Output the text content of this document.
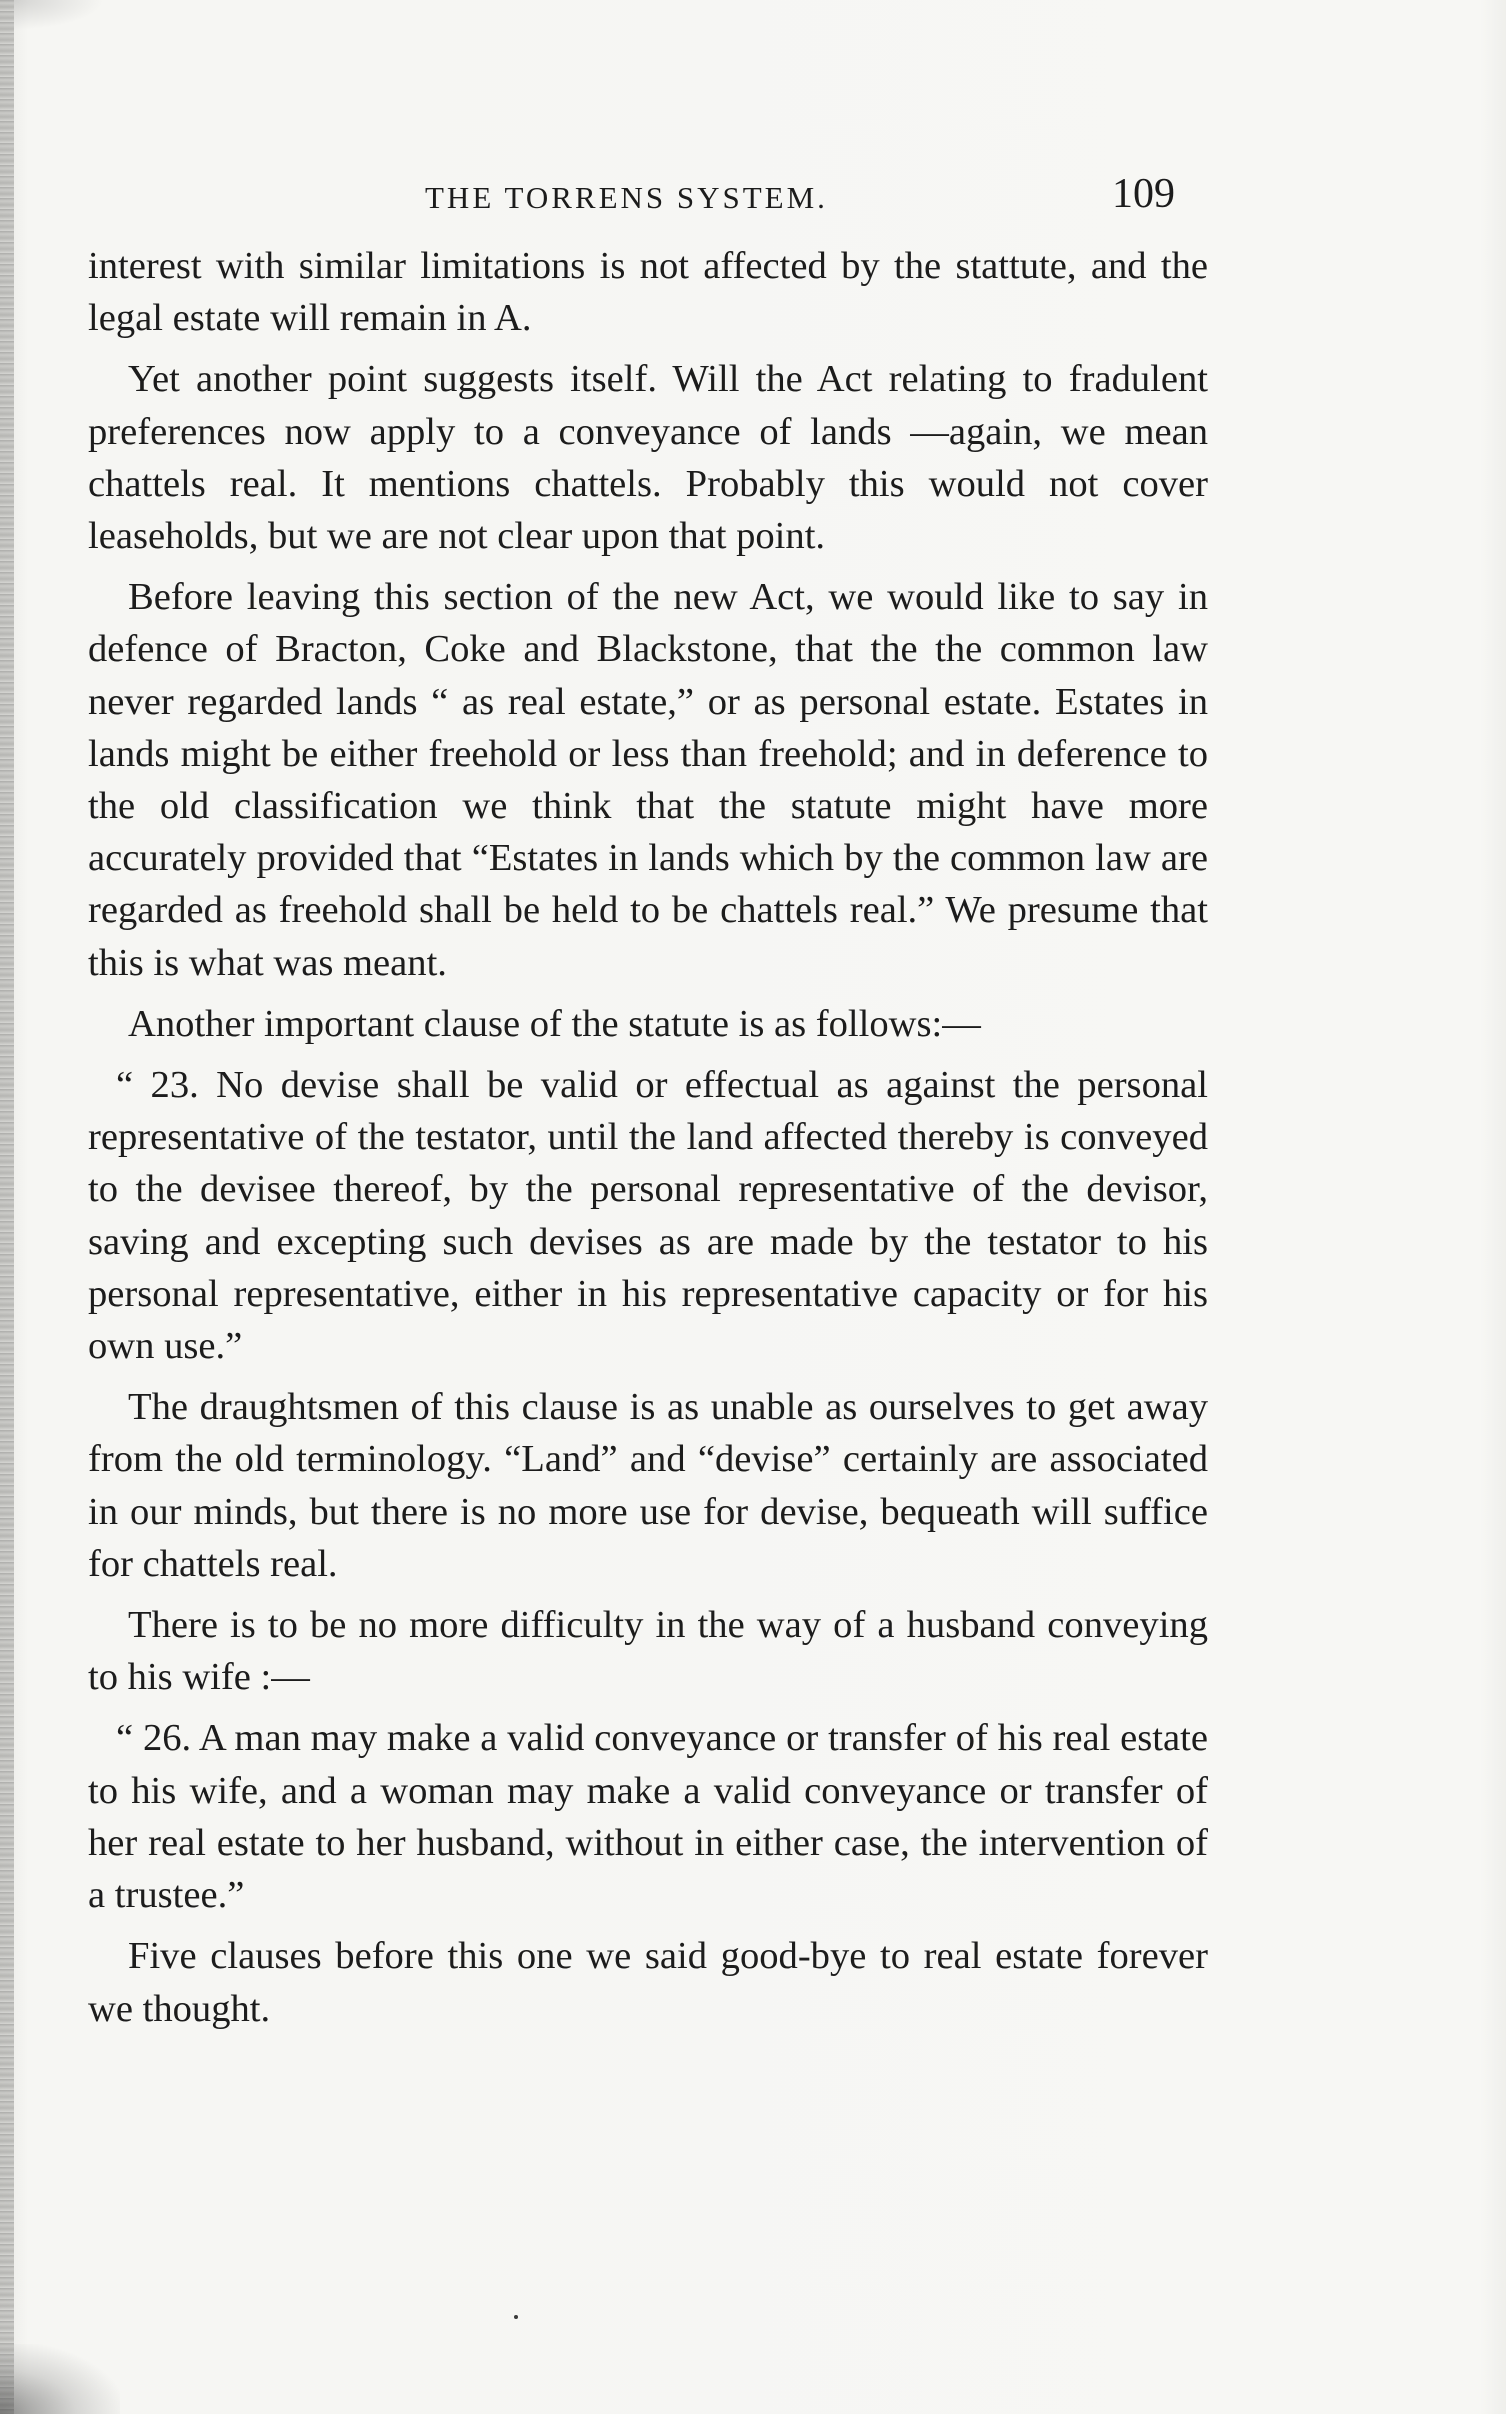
THE TORRENS SYSTEM.	109

interest with similar limitations is not affected by the stattute, and the legal estate will remain in A.

Yet another point suggests itself. Will the Act relating to fradulent preferences now apply to a conveyance of lands —again, we mean chattels real. It mentions chattels. Probably this would not cover leaseholds, but we are not clear upon that point.

Before leaving this section of the new Act, we would like to say in defence of Bracton, Coke and Blackstone, that the the common law never regarded lands “ as real estate,” or as personal estate. Estates in lands might be either freehold or less than freehold; and in deference to the old classification we think that the statute might have more accurately provided that “Estates in lands which by the common law are regarded as freehold shall be held to be chattels real.” We presume that this is what was meant.

Another important clause of the statute is as follows:—

“ 23. No devise shall be valid or effectual as against the personal representative of the testator, until the land affected thereby is conveyed to the devisee thereof, by the personal representative of the devisor, saving and excepting such devises as are made by the testator to his personal representative, either in his representative capacity or for his own use.”

The draughtsmen of this clause is as unable as ourselves to get away from the old terminology. “Land” and “devise” certainly are associated in our minds, but there is no more use for devise, bequeath will suffice for chattels real.

There is to be no more difficulty in the way of a husband conveying to his wife :—

“ 26. A man may make a valid conveyance or transfer of his real estate to his wife, and a woman may make a valid conveyance or transfer of her real estate to her husband, without in either case, the intervention of a trustee.”

Five clauses before this one we said good-bye to real estate forever we thought.
